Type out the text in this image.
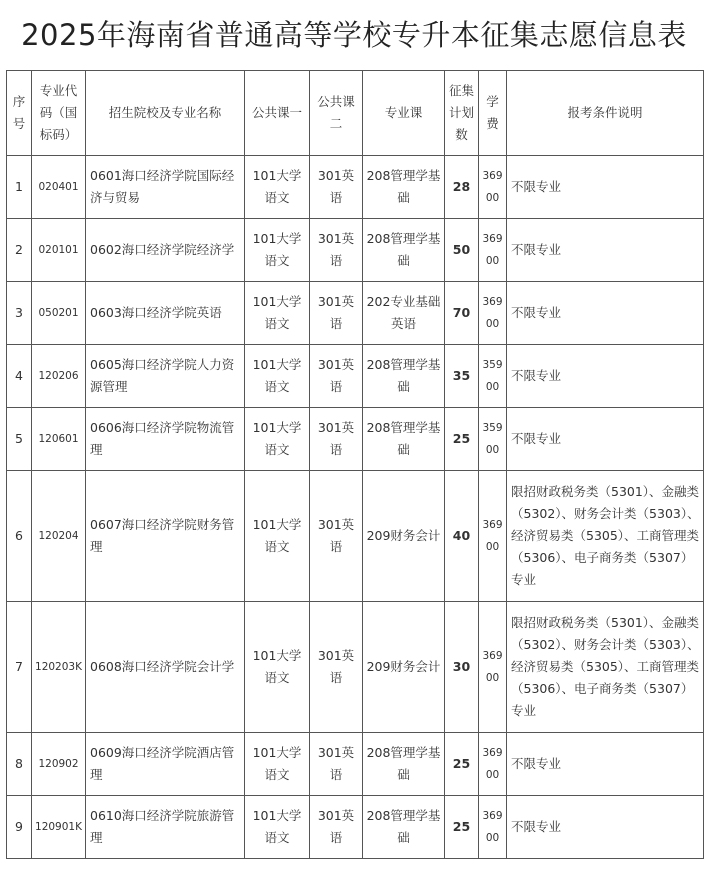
2025年海南省普通高等学校专升本征集志愿信息表
序号	专业代码（国标码）	招生院校及专业名称	公共课一	公共课二	专业课	征集计划数	学费	报考条件说明
1	020401	0601海口经济学院国际经济与贸易	101大学语文	301英语	208管理学基础	28	36900	不限专业
2	020101	0602海口经济学院经济学	101大学语文	301英语	208管理学基础	50	36900	不限专业
3	050201	0603海口经济学院英语	101大学语文	301英语	202专业基础英语	70	36900	不限专业
4	120206	0605海口经济学院人力资源管理	101大学语文	301英语	208管理学基础	35	35900	不限专业
5	120601	0606海口经济学院物流管理	101大学语文	301英语	208管理学基础	25	35900	不限专业
6	120204	0607海口经济学院财务管理	101大学语文	301英语	209财务会计	40	36900	限招财政税务类（5301）、金融类（5302）、财务会计类（5303）、经济贸易类（5305）、工商管理类（5306）、电子商务类（5307）专业
7	120203K	0608海口经济学院会计学	101大学语文	301英语	209财务会计	30	36900	限招财政税务类（5301）、金融类（5302）、财务会计类（5303）、经济贸易类（5305）、工商管理类（5306）、电子商务类（5307）专业
8	120902	0609海口经济学院酒店管理	101大学语文	301英语	208管理学基础	25	36900	不限专业
9	120901K	0610海口经济学院旅游管理	101大学语文	301英语	208管理学基础	25	36900	不限专业
